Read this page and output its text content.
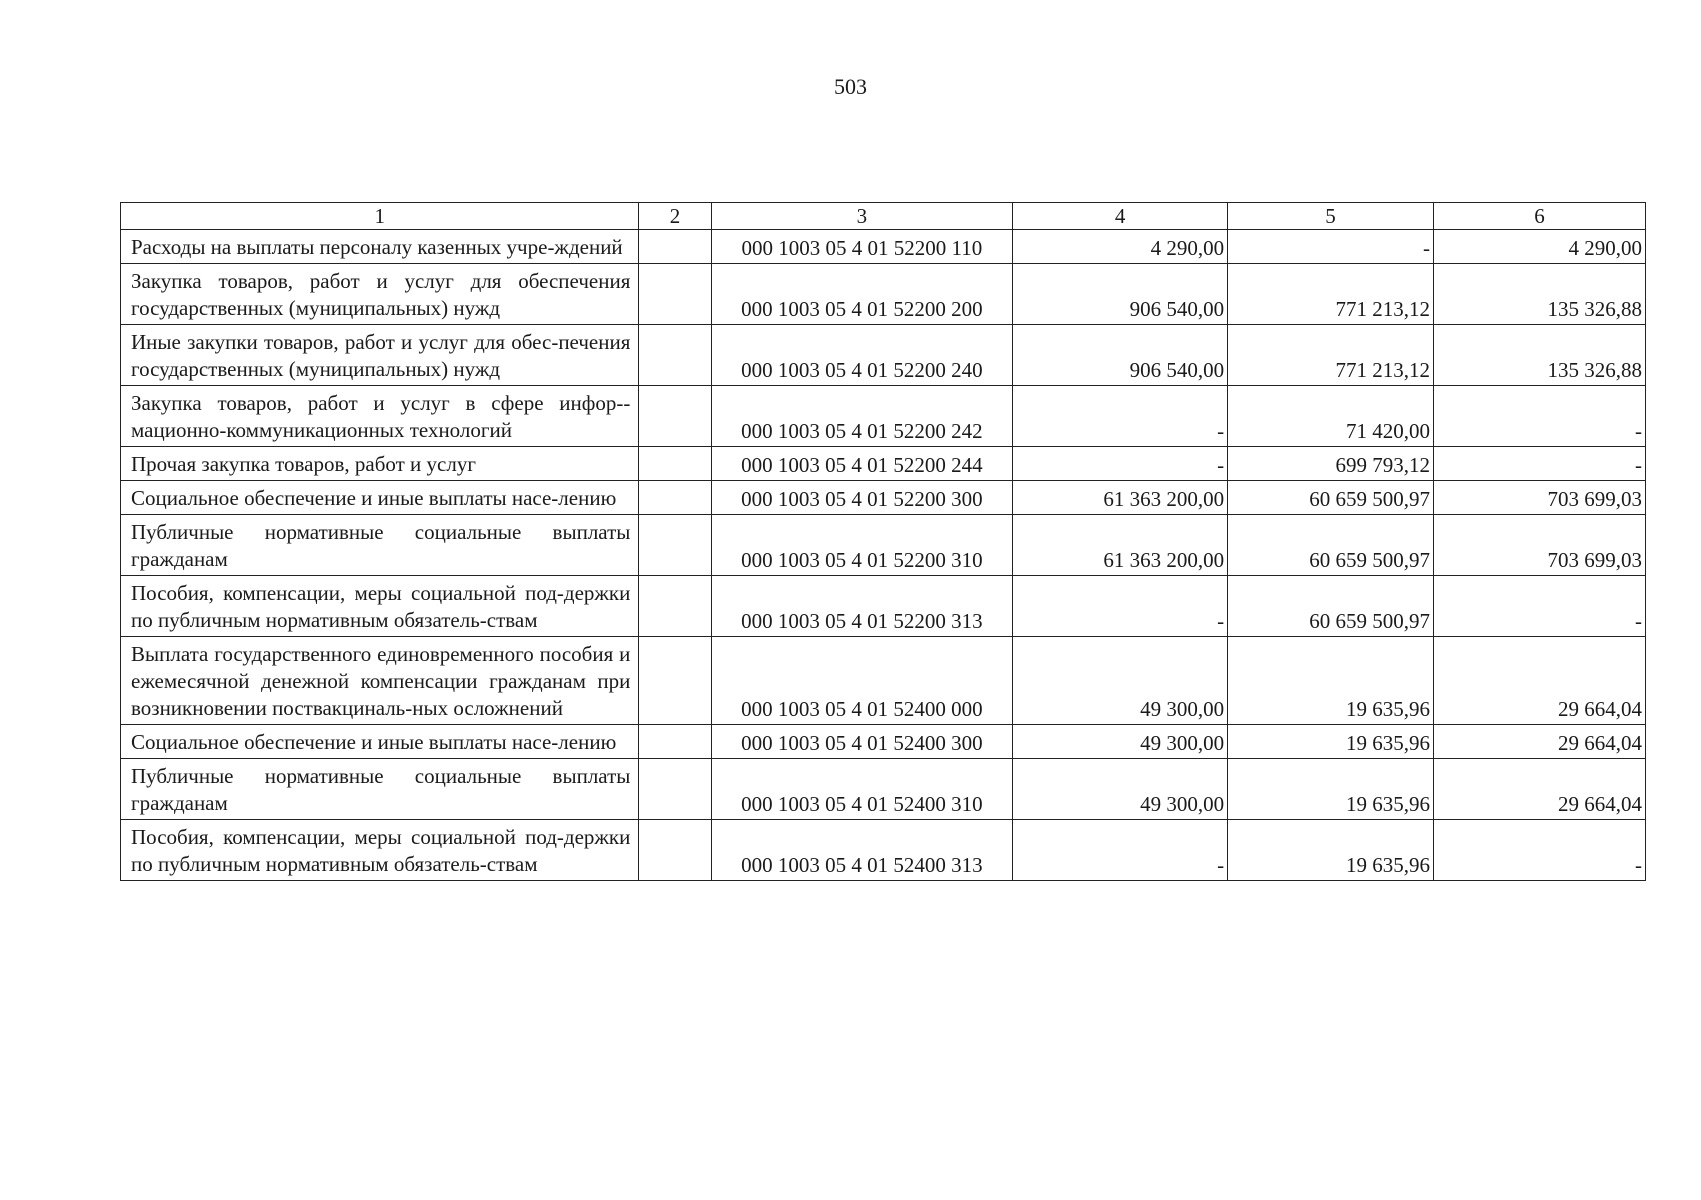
503
1	2	3	4	5	6
Расходы на выплаты персоналу казенных учре-ждений		000 1003 05 4 01 52200 110	4 290,00	-	4 290,00
Закупка товаров, работ и услуг для обеспечения государственных (муниципальных) нужд		000 1003 05 4 01 52200 200	906 540,00	771 213,12	135 326,88
Иные закупки товаров, работ и услуг для обес-печения государственных (муниципальных) нужд		000 1003 05 4 01 52200 240	906 540,00	771 213,12	135 326,88
Закупка товаров, работ и услуг в сфере инфор-мационно-коммуникационных технологий		000 1003 05 4 01 52200 242	-	71 420,00	-
Прочая закупка товаров, работ и услуг		000 1003 05 4 01 52200 244	-	699 793,12	-
Социальное обеспечение и иные выплаты насе-лению		000 1003 05 4 01 52200 300	61 363 200,00	60 659 500,97	703 699,03
Публичные нормативные социальные выплаты гражданам		000 1003 05 4 01 52200 310	61 363 200,00	60 659 500,97	703 699,03
Пособия, компенсации, меры социальной под-держки по публичным нормативным обязатель-ствам		000 1003 05 4 01 52200 313	-	60 659 500,97	-
Выплата государственного единовременного пособия и ежемесячной денежной компенсации гражданам при возникновении поствакциналь-ных осложнений		000 1003 05 4 01 52400 000	49 300,00	19 635,96	29 664,04
Социальное обеспечение и иные выплаты насе-лению		000 1003 05 4 01 52400 300	49 300,00	19 635,96	29 664,04
Публичные нормативные социальные выплаты гражданам		000 1003 05 4 01 52400 310	49 300,00	19 635,96	29 664,04
Пособия, компенсации, меры социальной под-держки по публичным нормативным обязатель-ствам		000 1003 05 4 01 52400 313	-	19 635,96	-
